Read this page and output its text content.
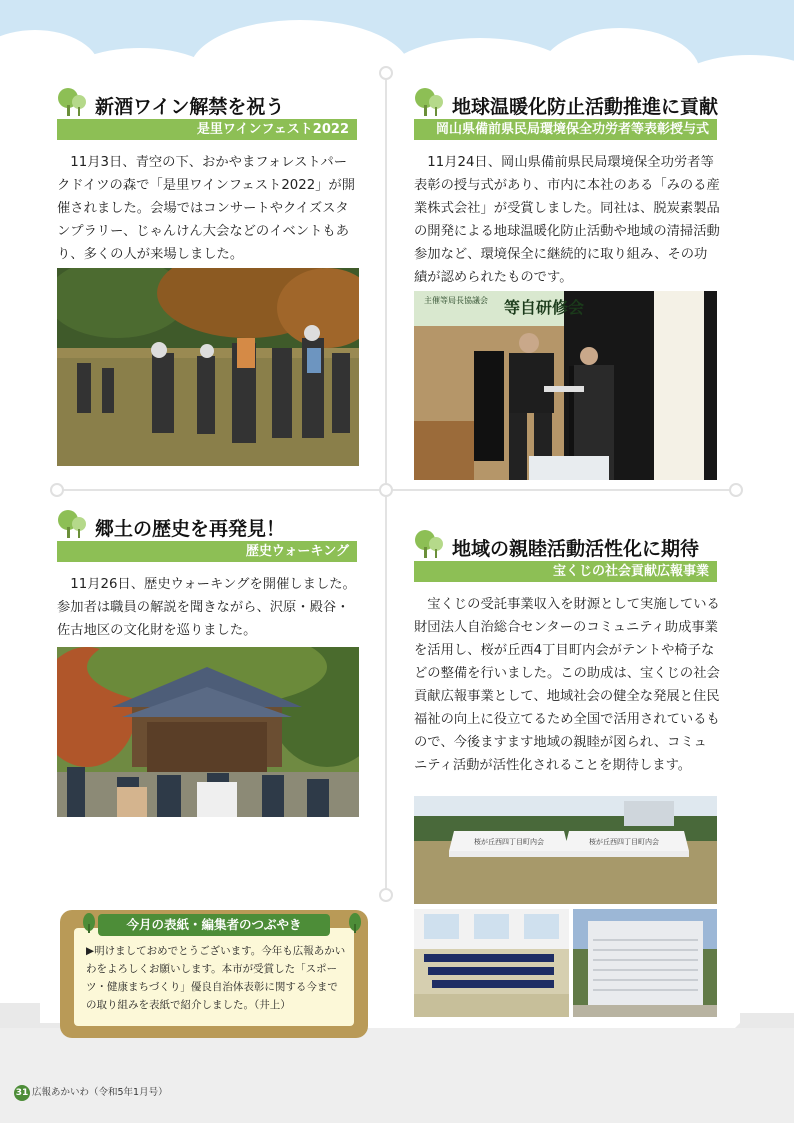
新酒ワイン解禁を祝う
是里ワインフェスト2022
11月3日、青空の下、おかやまフォレストパークドイツの森で「是里ワインフェスト2022」が開催されました。会場ではコンサートやクイズスタンプラリー、じゃんけん大会などのイベントもあり、多くの人が来場しました。
地球温暖化防止活動推進に貢献
岡山県備前県民局環境保全功労者等表彰授与式
11月24日、岡山県備前県民局環境保全功労者等表彰の授与式があり、市内に本社のある「みのる産業株式会社」が受賞しました。同社は、脱炭素製品の開発による地球温暖化防止活動や地域の清掃活動参加など、環境保全に継続的に取り組み、その功績が認められたものです。
等自研修会
主催等局長協議会
郷土の歴史を再発見！
歴史ウォーキング
11月26日、歴史ウォーキングを開催しました。参加者は職員の解説を聞きながら、沢原・殿谷・佐古地区の文化財を巡りました。
地域の親睦活動活性化に期待
宝くじの社会貢献広報事業
宝くじの受託事業収入を財源として実施している財団法人自治総合センターのコミュニティ助成事業を活用し、桜が丘西4丁目町内会がテントや椅子などの整備を行いました。この助成は、宝くじの社会貢献広報事業として、地域社会の健全な発展と住民福祉の向上に役立てるため全国で活用されているもので、今後ますます地域の親睦が図られ、コミュニティ活動が活性化されることを期待します。
桜が丘西四丁目町内会	桜が丘西四丁目町内会
▶明けましておめでとうございます。今年も広報あかいわをよろしくお願いします。本市が受賞した「スポーツ・健康まちづくり」優良自治体表彰に関する今までの取り組みを表紙で紹介しました。（井上）
今月の表紙・編集者のつぶやき
31 広報あかいわ（令和5年1月号）
